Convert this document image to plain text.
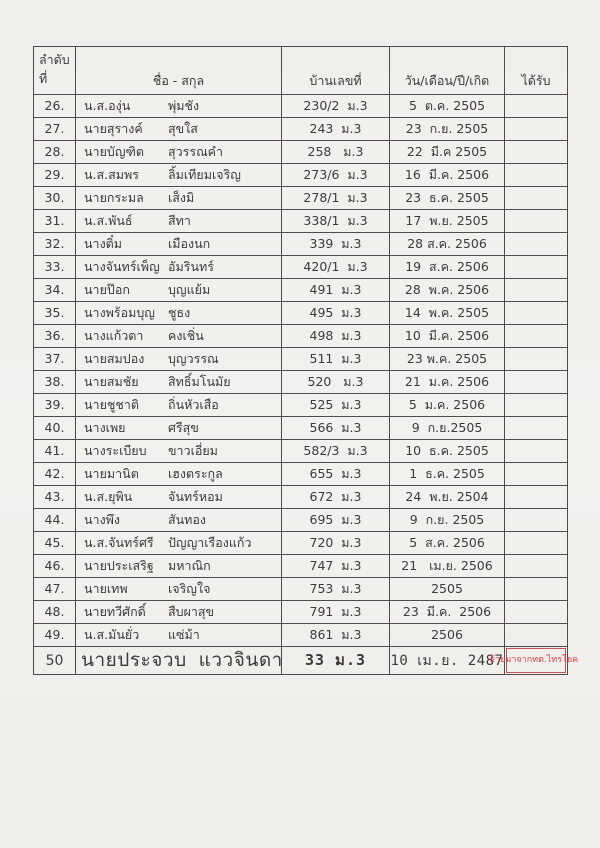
ลำดับ
ที่	ชื่อ - สกุล	บ้านเลขที่	วัน/เดือน/ปี/เกิด	ได้รับ
26. น.ส.องุ่น	พุ่มชัง	230/2  ม.3	5  ต.ค. 2505
27. นายสุรางค์ สุขใส	243  ม.3	23  ก.ย. 2505
28. นายบัญฑิต สุวรรณคำ	258   ม.3	22  มี.ค 2505
29. น.ส.สมพร ลิ้มเทียมเจริญ	273/6  ม.3	16  มี.ค. 2506
30. นายกระมล เส็งมิ	278/1  ม.3	23  ธ.ค. 2505
31. น.ส.พันธ์	สีทา	338/1  ม.3	17  พ.ย. 2505
32. นางติ๋ม	เมืองนก	339  ม.3	28 ส.ค. 2506
33. นางจันทร์เพ็ญ อัมรินทร์	420/1  ม.3	19  ส.ค. 2506
34. นายป๊อก	บุญแย้ม	491  ม.3	28  พ.ค. 2506
35. นางพร้อมบุญ ชูธง	495  ม.3	14  พ.ค. 2505
36. นางแก้วตา คงเชิ่น	498  ม.3	10  มี.ค. 2506
37. นายสมปอง บุญวรรณ	511  ม.3	23 พ.ค. 2505
38. นายสมชัย สิทธิ์มโนมัย	520   ม.3	21  ม.ค. 2506
39. นายชูชาติ ถิ่นหัวเสือ	525  ม.3	5  ม.ค. 2506
40. นางเพย	ศรีสุข	566  ม.3	9  ก.ย.2505
41. นางระเบียบ ขาวเอี่ยม	582/3  ม.3	10  ธ.ค. 2505
42. นายมานิต เฮงตระกูล	655  ม.3	1  ธ.ค. 2505
43. น.ส.ยุพิน	จันทร์หอม	672  ม.3	24  พ.ย. 2504
44. นางพึง	สันทอง	695  ม.3	9  ก.ย. 2505
45. น.ส.จันทร์ศรี ปัญญาเรืองแก้ว	720  ม.3	5  ส.ค. 2506
46. นายประเสริฐ มหาณิก	747  ม.3	21   เม.ย. 2506
47. นายเทพ	เจริญใจ	753  ม.3	2505
48. นายทวีศักดิ์ สืบผาสุข	791  ม.3	23  มี.ค.  2506
49. น.ส.มันยั่ว แซ่ม้า	861  ม.3	2506
50 นายประจวบ แววจินดา 33 ม.3 10 เม.ย. 2487
ย้ายมาจากทต.ไทรโยค
